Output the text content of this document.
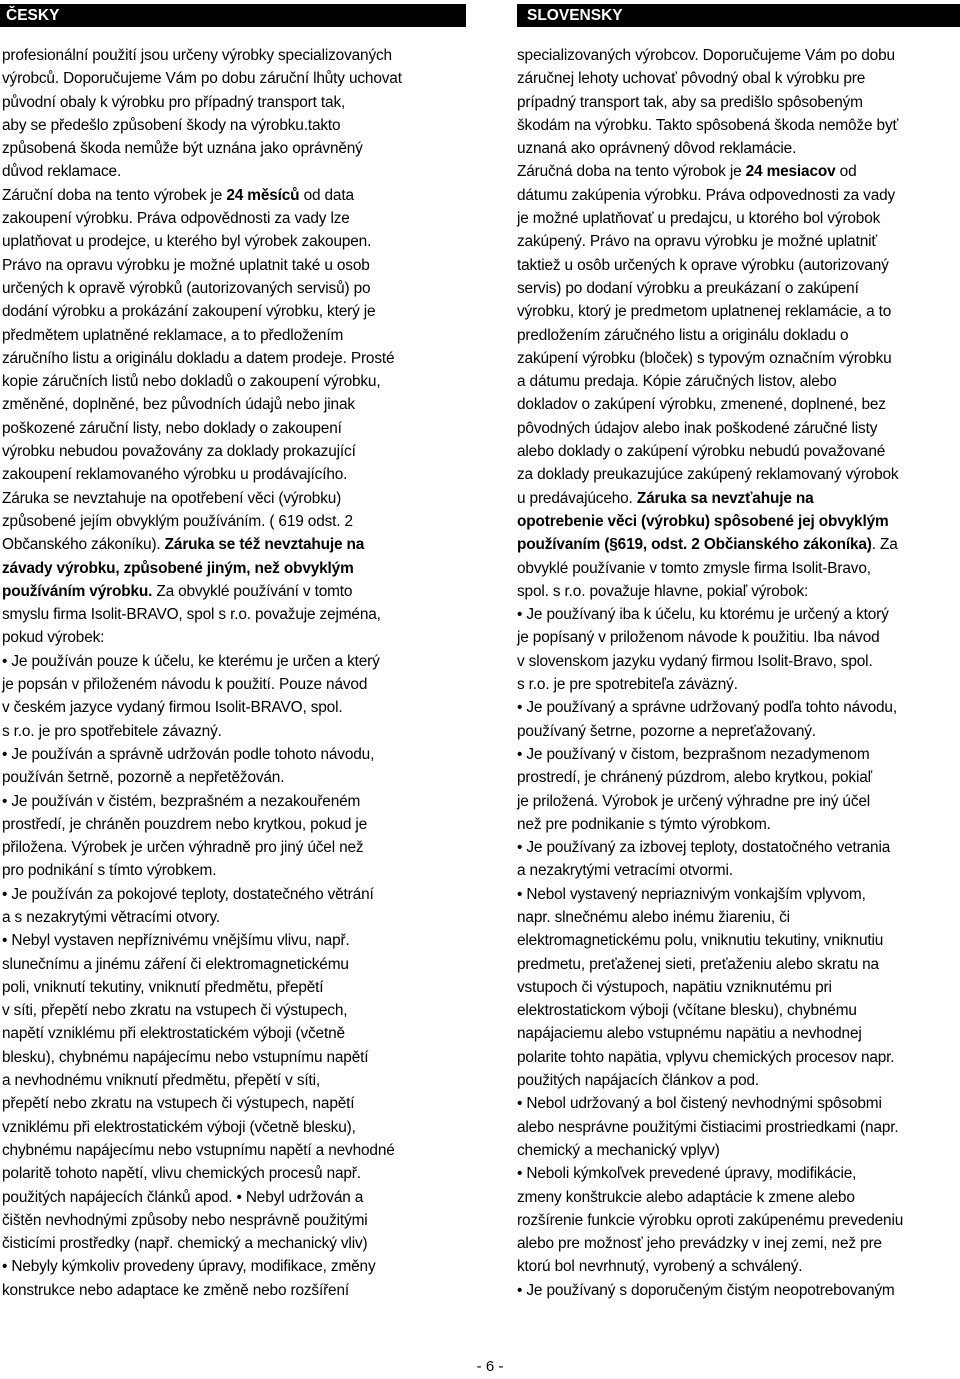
ČESKY
profesionální použití jsou určeny výrobky specializovaných
výrobců. Doporučujeme Vám po dobu záruční lhůty uchovat
původní obaly k výrobku pro případný transport tak,
aby se předešlo způsobení škody na výrobku.takto
způsobená škoda nemůže být uznána jako oprávněný
důvod reklamace.
Záruční doba na tento výrobek je 24 měsíců od data
zakoupení výrobku. Práva odpovědnosti za vady lze
uplatňovat u prodejce, u kterého byl výrobek zakoupen.
Právo na opravu výrobku je možné uplatnit také u osob
určených k opravě výrobků (autorizovaných servisů) po
dodání výrobku a prokázání zakoupení výrobku, který je
předmětem uplatněné reklamace, a to předložením
záručního listu a originálu dokladu a datem prodeje. Prosté
kopie záručních listů nebo dokladů o zakoupení výrobku,
změněné, doplněné, bez původních údajů nebo jinak
poškozené záruční listy, nebo doklady o zakoupení
výrobku nebudou považovány za doklady prokazující
zakoupení reklamovaného výrobku u prodávajícího.
Záruka se nevztahuje na opotřebení věci (výrobku)
způsobené jejím obvyklým používáním. ( 619 odst. 2
Občanského zákoníku). Záruka se též nevztahuje na
závady výrobku, způsobené jiným, než obvyklým
používáním výrobku. Za obvyklé používání v tomto
smyslu firma Isolit-BRAVO, spol s r.o. považuje zejména,
pokud výrobek:
• Je používán pouze k účelu, ke kterému je určen a který
je popsán v přiloženém návodu k použití. Pouze návod
v českém jazyce vydaný firmou Isolit-BRAVO, spol.
s r.o. je pro spotřebitele závazný.
• Je používán a správně udržován podle tohoto návodu,
používán šetrně, pozorně a nepřetěžován.
• Je používán v čistém, bezprašném a nezakouřeném
prostředí, je chráněn pouzdrem nebo krytkou, pokud je
přiložena. Výrobek je určen výhradně pro jiný účel než
pro podnikání s tímto výrobkem.
• Je používán za pokojové teploty, dostatečného větrání
a s nezakrytými větracími otvory.
• Nebyl vystaven nepříznivému vnějšímu vlivu, např.
slunečnímu a jinému záření či elektromagnetickému
poli, vniknutí tekutiny, vniknutí předmětu, přepětí
v síti, přepětí nebo zkratu na vstupech či výstupech,
napětí vzniklému při elektrostatickém výboji (včetně
blesku), chybnému napájecímu nebo vstupnímu napětí
a nevhodnému vniknutí předmětu, přepětí v síti,
přepětí nebo zkratu na vstupech či výstupech, napětí
vzniklému při elektrostatickém výboji (včetně blesku),
chybnému napájecímu nebo vstupnímu napětí a nevhodné
polaritě tohoto napětí, vlivu chemických procesů např.
použitých napájecích článků apod. • Nebyl udržován a
čištěn nevhodnými způsoby nebo nesprávně použitými
čisticími prostředky (např. chemický a mechanický vliv)
• Nebyly kýmkoliv provedeny úpravy, modifikace, změny
konstrukce nebo adaptace ke změně nebo rozšíření
SLOVENSKY
specializovaných výrobcov. Doporučujeme Vám po dobu
záručnej lehoty uchovať pôvodný obal k výrobku pre
prípadný transport tak, aby sa predišlo spôsobeným
škodám na výrobku. Takto spôsobená škoda nemôže byť
uznaná ako oprávnený dôvod reklamácie.
Záručná doba na tento výrobok je 24 mesiacov od
dátumu zakúpenia výrobku. Práva odpovednosti za vady
je možné uplatňovať u predajcu, u ktorého bol výrobok
zakúpený. Právo na opravu výrobku je možné uplatniť
taktiež u osôb určených k oprave výrobku (autorizovaný
servis) po dodaní výrobku a preukázaní o zakúpení
výrobku, ktorý je predmetom uplatnenej reklamácie, a to
predložením záručného listu a originálu dokladu o
zakúpení výrobku (bloček) s typovým označním výrobku
a dátumu predaja. Kópie záručných listov, alebo
dokladov o zakúpení výrobku, zmenené, doplnené, bez
pôvodných údajov alebo inak poškodené záručné listy
alebo doklady o zakúpení výrobku nebudú považované
za doklady preukazujúce zakúpený reklamovaný výrobok
u predávajúceho. Záruka sa nevzťahuje na
opotrebenie věci (výrobku) spôsobené jej obvyklým
používaním (§619, odst. 2 Občianského zákoníka). Za
obvyklé používanie v tomto zmysle firma Isolit-Bravo,
spol. s r.o. považuje hlavne, pokiaľ výrobok:
• Je používaný iba k účelu, ku ktorému je určený a ktorý
je popísaný v priloženom návode k použitiu. Iba návod
v slovenskom jazyku vydaný firmou Isolit-Bravo, spol.
s r.o. je pre spotrebiteľa záväzný.
• Je používaný a správne udržovaný podľa tohto návodu,
používaný šetrne, pozorne a nepreťažovaný.
• Je používaný v čistom, bezprašnom nezadymenom
prostredí, je chránený púzdrom, alebo krytkou, pokiaľ
je priložená. Výrobok je určený výhradne pre iný účel
než pre podnikanie s týmto výrobkom.
• Je používaný za izbovej teploty, dostatočného vetrania
a nezakrytými vetracími otvormi.
• Nebol vystavený nepriaznivým vonkajším vplyvom,
napr. slnečnému alebo inému žiareniu, či
elektromagnetickému polu, vniknutiu tekutiny, vniknutiu
predmetu, preťaženej sieti, preťaženiu alebo skratu na
vstupoch či výstupoch, napätiu vzniknutému pri
elektrostatickom výboji (včítane blesku), chybnému
napájaciemu alebo vstupnému napätiu a nevhodnej
polarite tohto napätia, vplyvu chemických procesov napr.
použitých napájacích článkov a pod.
• Nebol udržovaný a bol čistený nevhodnými spôsobmi
alebo nesprávne použitými čistiacimi prostriedkami (napr.
chemický a mechanický vplyv)
• Neboli kýmkoľvek prevedené úpravy, modifikácie,
zmeny konštrukcie alebo adaptácie k zmene alebo
rozšírenie funkcie výrobku oproti zakúpenému prevedeniu
alebo pre možnosť jeho prevádzky v inej zemi, než pre
ktorú bol nevrhnutý, vyrobený a schválený.
• Je používaný s doporučeným čistým neopotrebovaným
- 6 -
